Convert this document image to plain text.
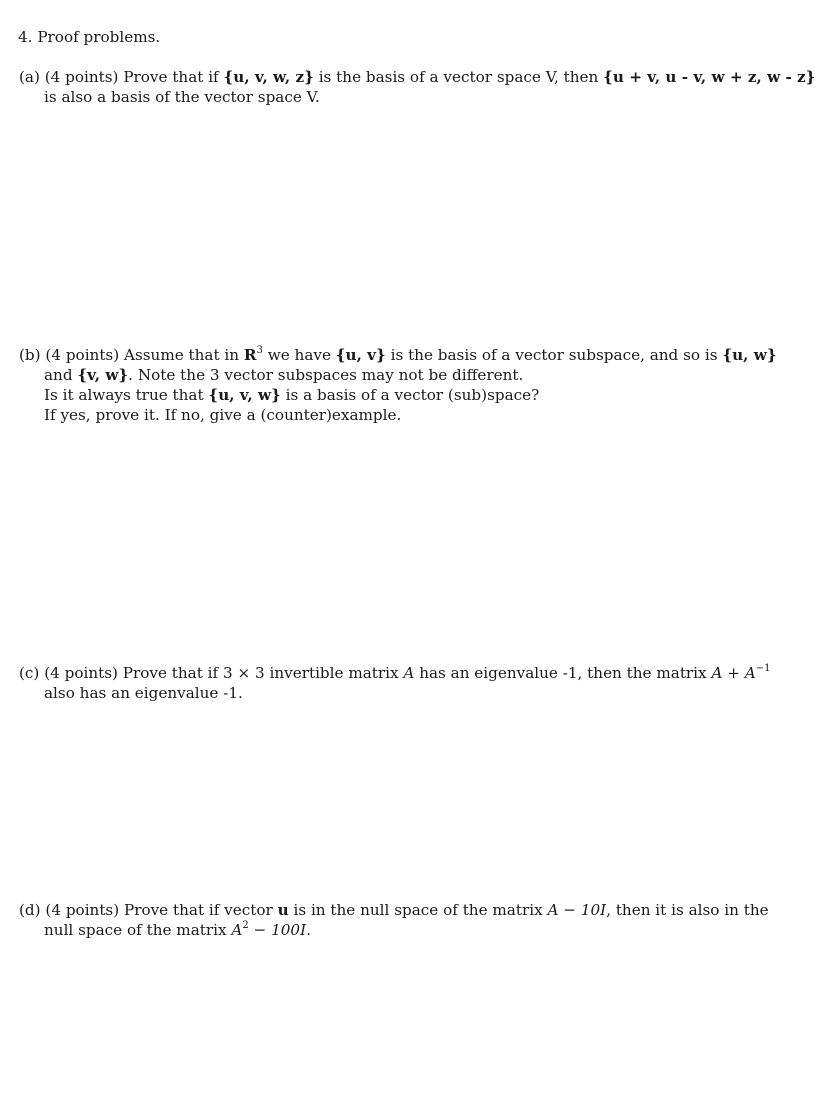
4. Proof problems.
(a) (4 points) Prove that if {u, v, w, z} is the basis of a vector space V, then {u + v, u - v, w + z, w - z}
is also a basis of the vector space V.
(b) (4 points) Assume that in $R^3$ we have {u, v} is the basis of a vector subspace, and so is {u, w}
and {v, w}. Note the 3 vector subspaces may not be different.
Is it always true that {u, v, w} is a basis of a vector (sub)space?
If yes, prove it. If no, give a (counter)example.
(c) (4 points) Prove that if 3 × 3 invertible matrix A has an eigenvalue -1, then the matrix $A + A^{-1}$
also has an eigenvalue -1.
(d) (4 points) Prove that if vector u is in the null space of the matrix A − 10I, then it is also in the
null space of the matrix $A^2 - 100I$.
